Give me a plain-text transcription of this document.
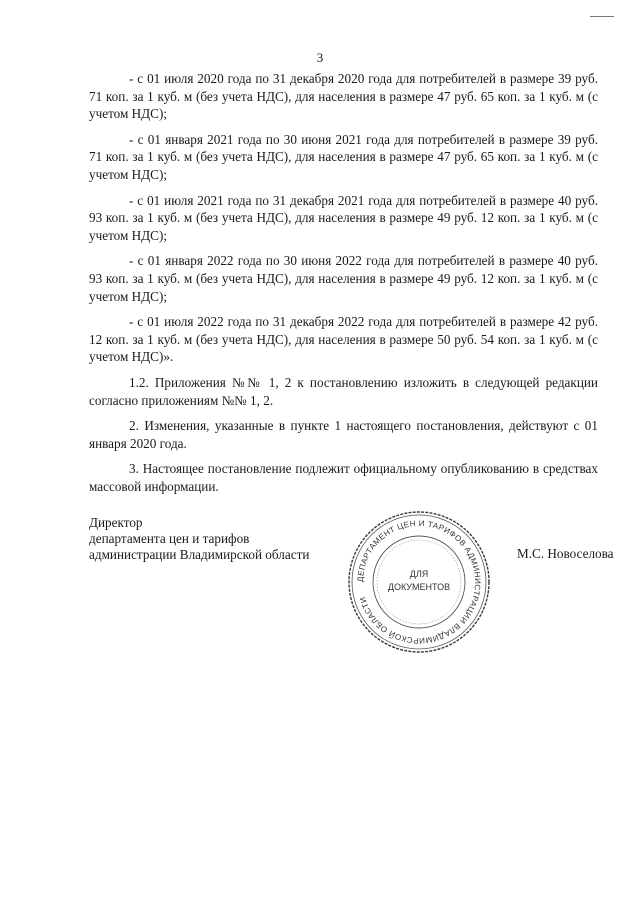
3

- с 01 июля 2020 года по 31 декабря 2020 года для потребителей в размере 39 руб. 71 коп. за 1 куб. м (без учета НДС), для населения в размере 47 руб. 65 коп. за 1 куб. м (с учетом НДС);

- с 01 января 2021 года по 30 июня 2021 года для потребителей в размере 39 руб. 71 коп. за 1 куб. м (без учета НДС), для населения в размере 47 руб. 65 коп. за 1 куб. м (с учетом НДС);

- с 01 июля 2021 года по 31 декабря 2021 года для потребителей в размере 40 руб. 93 коп. за 1 куб. м (без учета НДС), для населения в размере 49 руб. 12 коп. за 1 куб. м (с учетом НДС);

- с 01 января 2022 года по 30 июня 2022 года для потребителей в размере 40 руб. 93 коп. за 1 куб. м (без учета НДС), для населения в размере 49 руб. 12 коп. за 1 куб. м (с учетом НДС);

- с 01 июля 2022 года по 31 декабря 2022 года для потребителей в размере 42 руб. 12 коп. за 1 куб. м (без учета НДС), для населения в размере 50 руб. 54 коп. за 1 куб. м (с учетом НДС)».

1.2. Приложения №№ 1, 2 к постановлению изложить в следующей редакции согласно приложениям №№ 1, 2.

2. Изменения, указанные в пункте 1 настоящего постановления, действуют с 01 января 2020 года.

3. Настоящее постановление подлежит официальному опубликованию в средствах массовой информации.

Директор
департамента цен и тарифов
администрации Владимирской области
ДЕПАРТАМЕНТ ЦЕН И ТАРИФОВ АДМИНИСТРАЦИИ ВЛАДИМИРСКОЙ ОБЛАСТИ
ДЛЯ
ДОКУМЕНТОВ
М.С. Новоселова
